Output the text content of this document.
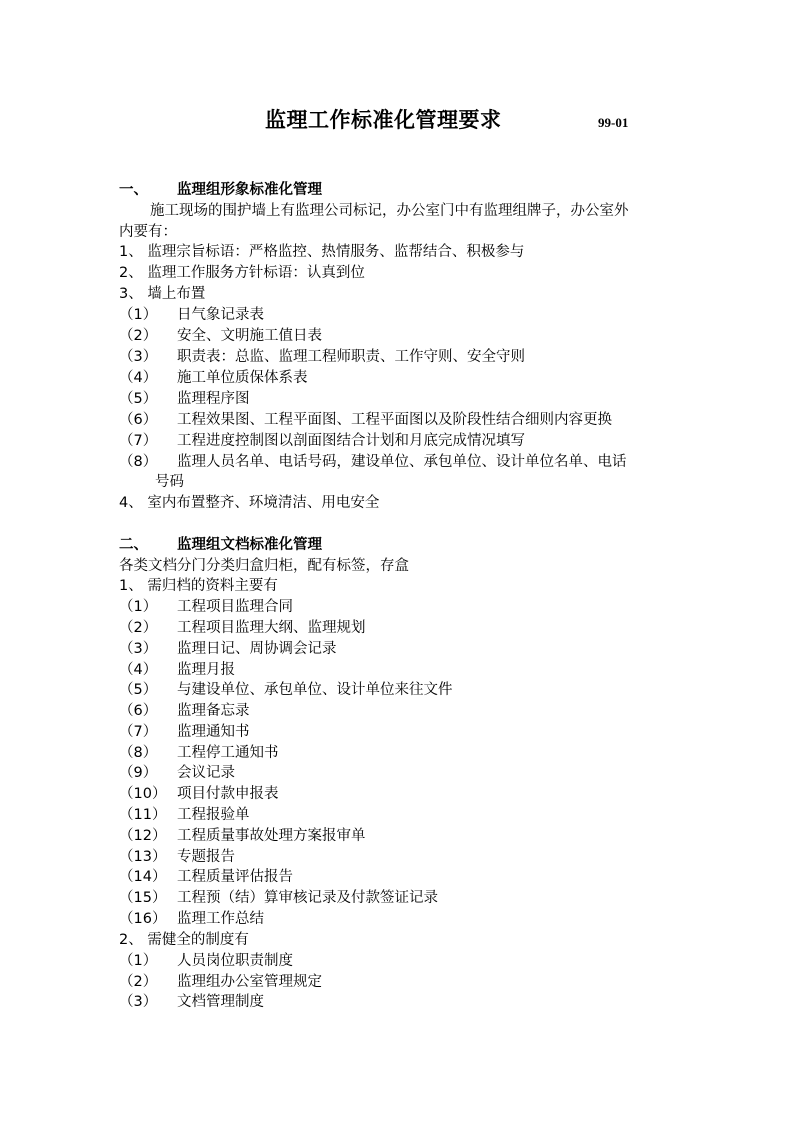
监理工作标准化管理要求	99-01
一、 监理组形象标准化管理
施工现场的围护墙上有监理公司标记，办公室门中有监理组牌子，办公室外
内要有：
1、 监理宗旨标语：严格监控、热情服务、监帮结合、积极参与
2、 监理工作服务方针标语：认真到位
3、 墙上布置
（1） 日气象记录表
（2） 安全、文明施工值日表
（3） 职责表：总监、监理工程师职责、工作守则、安全守则
（4） 施工单位质保体系表
（5） 监理程序图
（6） 工程效果图、工程平面图、工程平面图以及阶段性结合细则内容更换
（7） 工程进度控制图以剖面图结合计划和月底完成情况填写
（8） 监理人员名单、电话号码，建设单位、承包单位、设计单位名单、电话
号码
4、 室内布置整齐、环境清洁、用电安全
二、 监理组文档标准化管理
各类文档分门分类归盒归柜，配有标签，存盒
1、 需归档的资料主要有
（1） 工程项目监理合同
（2） 工程项目监理大纲、监理规划
（3） 监理日记、周协调会记录
（4） 监理月报
（5） 与建设单位、承包单位、设计单位来往文件
（6） 监理备忘录
（7） 监理通知书
（8） 工程停工通知书
（9） 会议记录
（10） 项目付款申报表
（11） 工程报验单
（12） 工程质量事故处理方案报审单
（13） 专题报告
（14） 工程质量评估报告
（15） 工程预（结）算审核记录及付款签证记录
（16） 监理工作总结
2、 需健全的制度有
（1） 人员岗位职责制度
（2） 监理组办公室管理规定
（3） 文档管理制度
